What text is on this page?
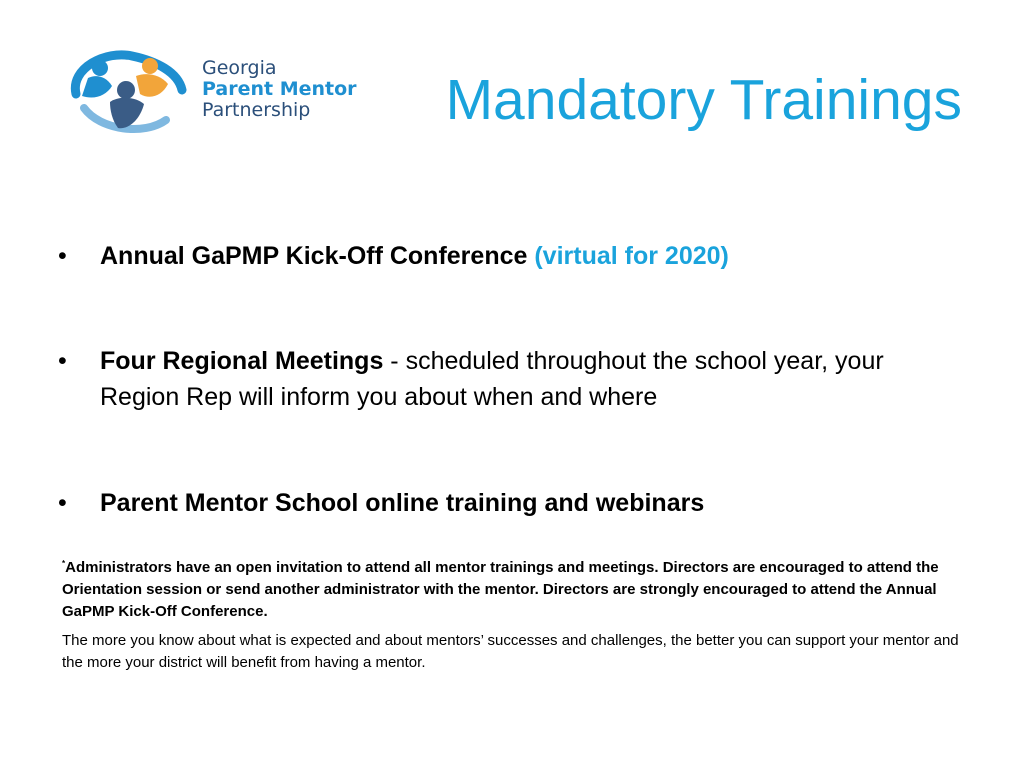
Georgia
Parent Mentor
Partnership	Mandatory Trainings
•	Annual GaPMP Kick-Off Conference (virtual for 2020)
•	Four Regional Meetings - scheduled throughout the school year, your Region Rep will inform you about when and where
•	Parent Mentor School online training and webinars
*Administrators have an open invitation to attend all mentor trainings and meetings. Directors are encouraged to attend the Orientation session or send another administrator with the mentor. Directors are strongly encouraged to attend the Annual GaPMP Kick-Off Conference.
The more you know about what is expected and about mentors’ successes and challenges, the better you can support your mentor and the more your district will benefit from having a mentor.
